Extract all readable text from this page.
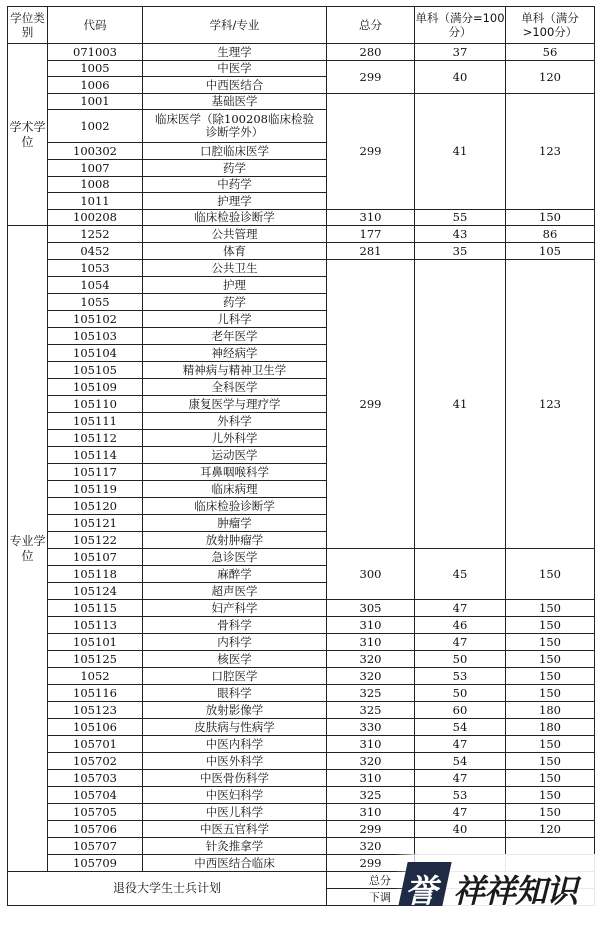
学位类别	代码	学科/专业	总分	单科（满分=100分）	单科（满分>100分）
学术学位	071003	生理学	280	37	56
	1005	中医学	299	40	120
	1006	中西医结合			
	1001	基础医学	299	41	123
	1002	临床医学（除100208临床检验诊断学外）			
	100302	口腔临床医学			
	1007	药学			
	1008	中药学			
	1011	护理学			
	100208	临床检验诊断学	310	55	150
专业学位	1252	公共管理	177	43	86
	0452	体育	281	35	105
	1053	公共卫生	299	41	123
	1054	护理			
	1055	药学			
	105102	儿科学			
	105103	老年医学			
	105104	神经病学			
	105105	精神病与精神卫生学			
	105109	全科医学			
	105110	康复医学与理疗学			
	105111	外科学			
	105112	儿外科学			
	105114	运动医学			
	105117	耳鼻咽喉科学			
	105119	临床病理			
	105120	临床检验诊断学			
	105121	肿瘤学			
	105122	放射肿瘤学			
	105107	急诊医学	300	45	150
	105118	麻醉学			
	105124	超声医学			
	105115	妇产科学	305	47	150
	105113	骨科学	310	46	150
	105101	内科学	310	47	150
	105125	核医学	320	50	150
	1052	口腔医学	320	53	150
	105116	眼科学	325	50	150
	105123	放射影像学	325	60	180
	105106	皮肤病与性病学	330	54	180
	105701	中医内科学	310	47	150
	105702	中医外科学	320	54	150
	105703	中医骨伤科学	310	47	150
	105704	中医妇科学	325	53	150
	105705	中医儿科学	310	47	150
	105706	中医五官科学	299	40	120
	105707	针灸推拿学	320		
	105709	中西医结合临床	299		
退役大学生士兵计划			总分		
			下调		誉 祥祥知识
